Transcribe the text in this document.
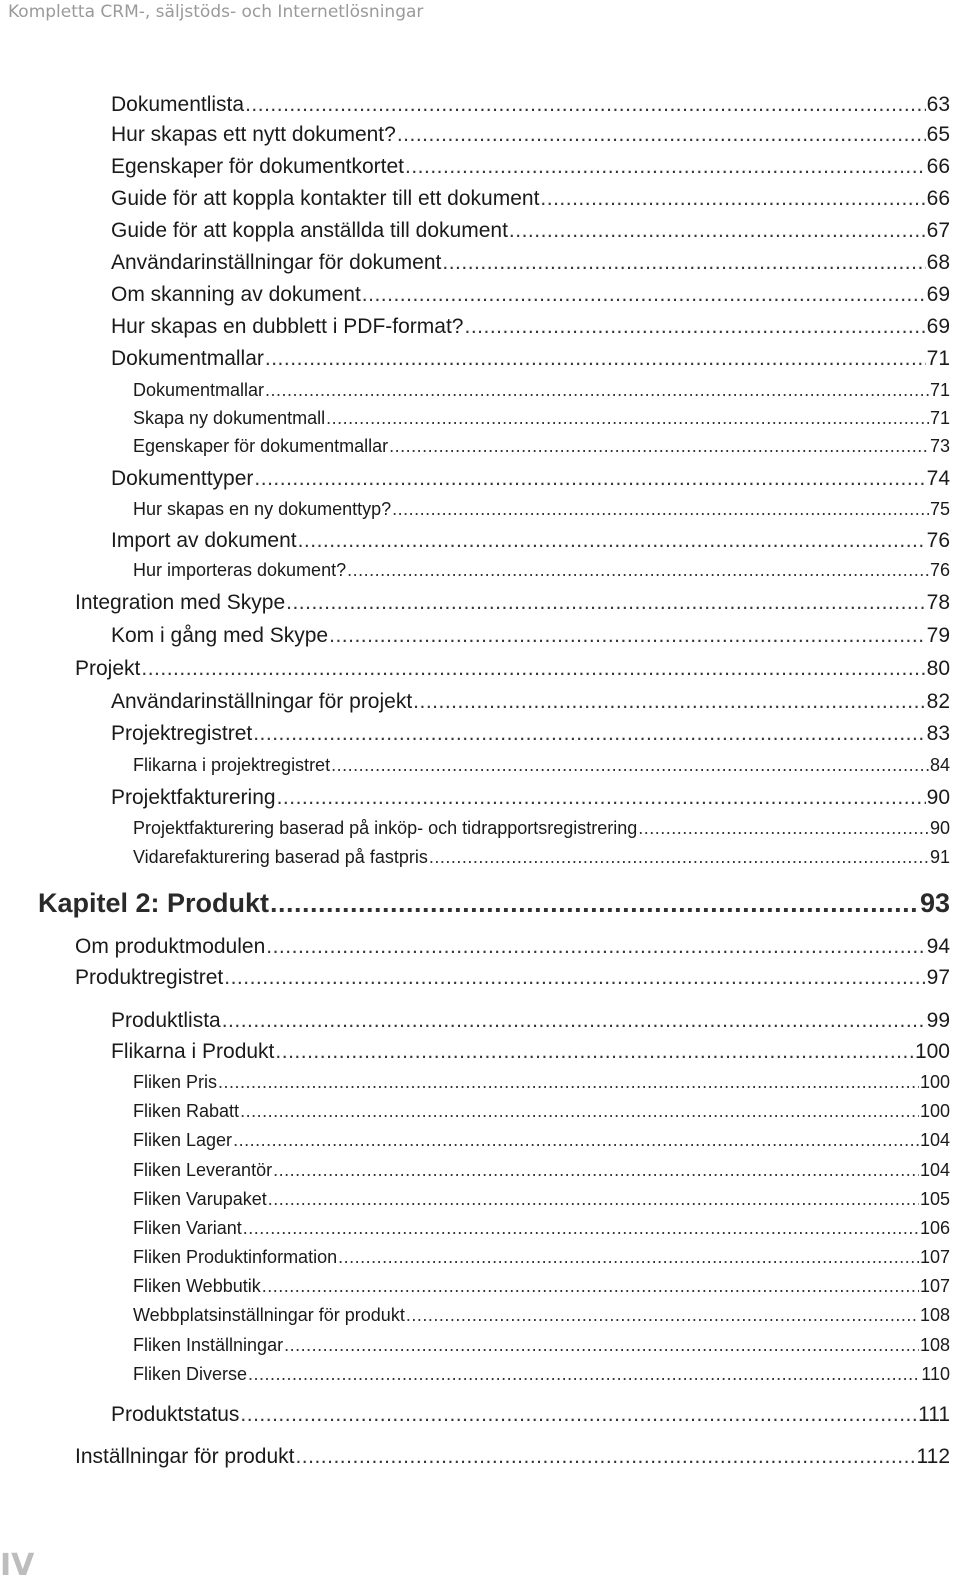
Kompletta CRM-, säljstöds- och Internetlösningar
Dokumentlista .....	63
Hur skapas ett nytt dokument? .....	65
Egenskaper för dokumentkortet .....	66
Guide för att koppla kontakter till ett dokument .....	66
Guide för att koppla anställda till dokument .....	67
Användarinställningar för dokument .....	68
Om skanning av dokument .....	69
Hur skapas en dubblett i PDF-format? .....	69
Dokumentmallar .....	71
Dokumentmallar .....	71
Skapa ny dokumentmall .....	71
Egenskaper för dokumentmallar .....	73
Dokumenttyper .....	74
Hur skapas en ny dokumenttyp? .....	75
Import av dokument .....	76
Hur importeras dokument? .....	76
Integration med Skype .....	78
Kom i gång med Skype .....	79
Projekt .....	80
Användarinställningar för projekt .....	82
Projektregistret .....	83
Flikarna i projektregistret .....	84
Projektfakturering .....	90
Projektfakturering baserad på inköp- och tidrapportsregistrering .....	90
Vidarefakturering baserad på fastpris .....	91
Kapitel 2: Produkt .....	93
Om produktmodulen .....	94
Produktregistret .....	97
Produktlista .....	99
Flikarna i Produkt .....	100
Fliken Pris .....	100
Fliken Rabatt .....	100
Fliken Lager .....	104
Fliken Leverantör .....	104
Fliken Varupaket .....	105
Fliken Variant .....	106
Fliken Produktinformation .....	107
Fliken Webbutik .....	107
Webbplatsinställningar för produkt .....	108
Fliken Inställningar .....	108
Fliken Diverse .....	110
Produktstatus .....	111
Inställningar för produkt .....	112
IV
